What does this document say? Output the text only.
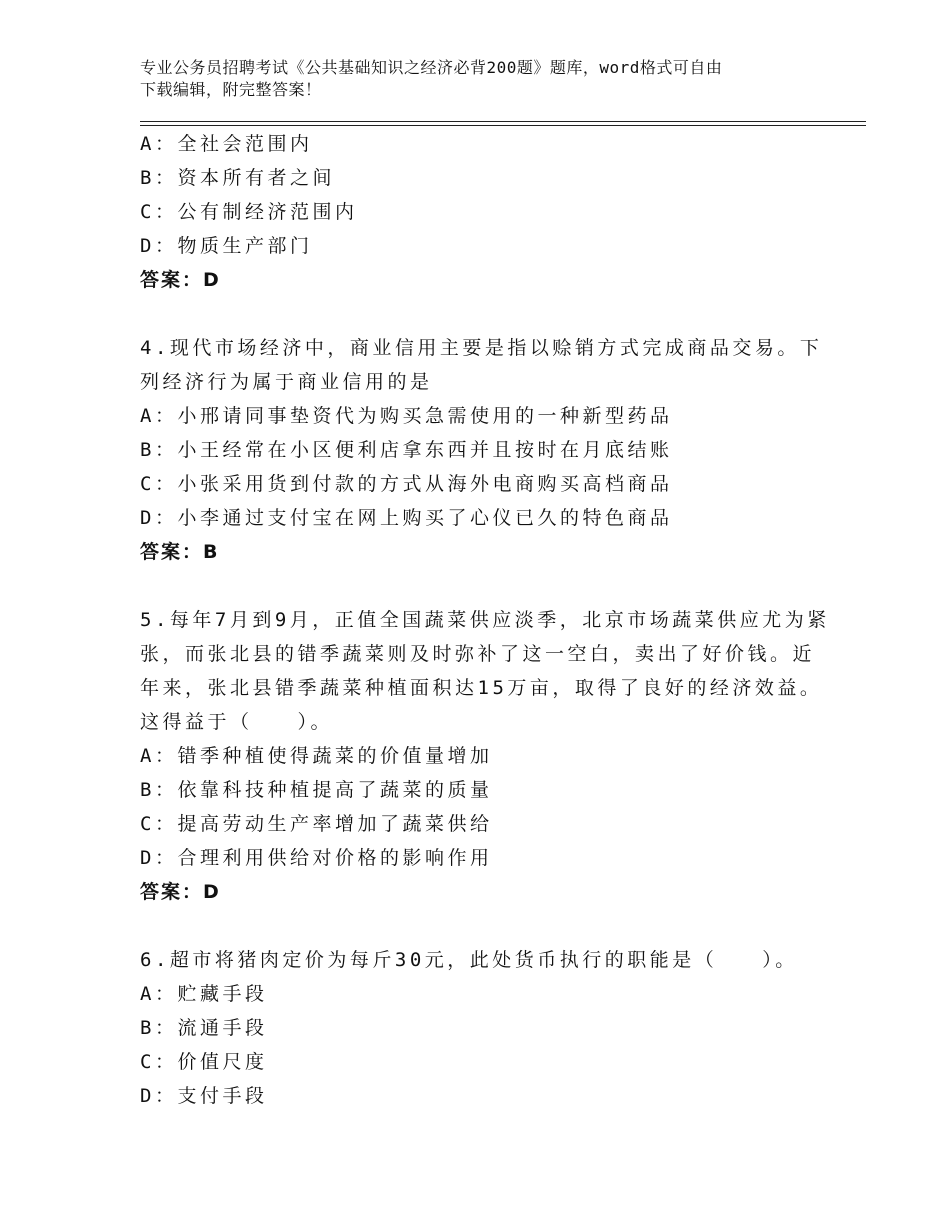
专业公务员招聘考试《公共基础知识之经济必背200题》题库，word格式可自由
下载编辑，附完整答案！
A：全社会范围内
B：资本所有者之间
C：公有制经济范围内
D：物质生产部门
答案：D
4.现代市场经济中，商业信用主要是指以赊销方式完成商品交易。下
列经济行为属于商业信用的是
A：小邢请同事垫资代为购买急需使用的一种新型药品
B：小王经常在小区便利店拿东西并且按时在月底结账
C：小张采用货到付款的方式从海外电商购买高档商品
D：小李通过支付宝在网上购买了心仪已久的特色商品
答案：B
5.每年7月到9月，正值全国蔬菜供应淡季，北京市场蔬菜供应尤为紧
张，而张北县的错季蔬菜则及时弥补了这一空白，卖出了好价钱。近
年来，张北县错季蔬菜种植面积达15万亩，取得了良好的经济效益。
这得益于（　　）。
A：错季种植使得蔬菜的价值量增加
B：依靠科技种植提高了蔬菜的质量
C：提高劳动生产率增加了蔬菜供给
D：合理利用供给对价格的影响作用
答案：D
6.超市将猪肉定价为每斤30元，此处货币执行的职能是（　　）。
A：贮藏手段
B：流通手段
C：价值尺度
D：支付手段
